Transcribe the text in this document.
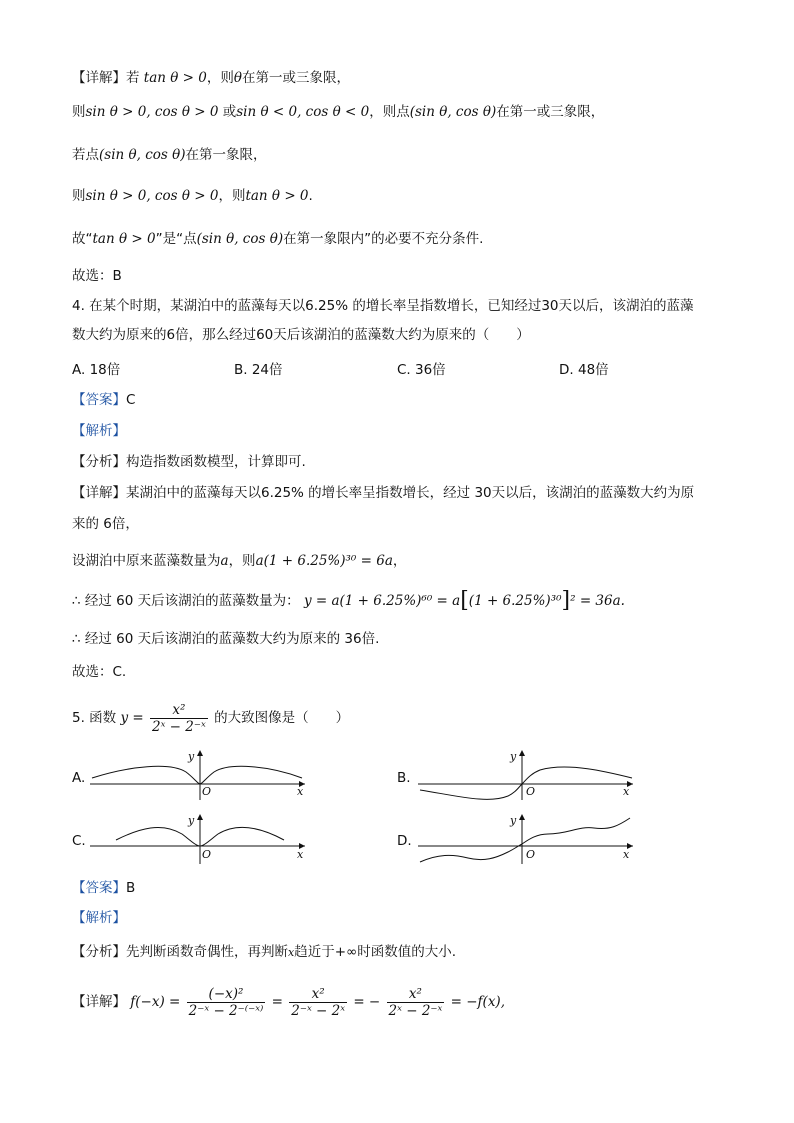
【详解】若 tan θ > 0，则θ在第一或三象限，
则sin θ > 0, cos θ > 0 或sin θ < 0, cos θ < 0，则点(sin θ, cos θ)在第一或三象限，
若点(sin θ, cos θ)在第一象限，
则sin θ > 0, cos θ > 0，则tan θ > 0.
故“tan θ > 0”是“点(sin θ, cos θ)在第一象限内”的必要不充分条件.
故选：B
4. 在某个时期，某湖泊中的蓝藻每天以6.25% 的增长率呈指数增长，已知经过30天以后，该湖泊的蓝藻
数大约为原来的6倍，那么经过60天后该湖泊的蓝藻数大约为原来的（　　）
A. 18倍	B. 24倍	C. 36倍	D. 48倍
【答案】C
【解析】
【分析】构造指数函数模型，计算即可.
【详解】某湖泊中的蓝藻每天以6.25% 的增长率呈指数增长，经过 30天以后，该湖泊的蓝藻数大约为原
来的 6倍，
设湖泊中原来蓝藻数量为a，则a(1 + 6.25%)³⁰ = 6a，
∴ 经过 60 天后该湖泊的蓝藻数量为： y = a(1 + 6.25%)⁶⁰ = a[(1 + 6.25%)³⁰]² = 36a.
∴ 经过 60 天后该湖泊的蓝藻数大约为原来的 36倍.
故选：C.
5. 函数 $y = \frac{\text{x²}}{\text{2ˣ − 2⁻ˣ}}$ 的大致图像是（　　）
A.	B.
C.	D.
O	x
y
O	x
y
O	x
y
O	x
y
【答案】B
【解析】
【分析】先判断函数奇偶性，再判断x趋近于+∞时函数值的大小.
【详解】 $f(-x) = \frac{\text{(−x)²}}{\text{2⁻ˣ − 2⁻⁽⁻ˣ⁾}} = \frac{\text{x²}}{\text{2⁻ˣ − 2ˣ}}$ = − $\frac{\text{x²}}{\text{2ˣ − 2⁻ˣ}} = -f(x)$,
